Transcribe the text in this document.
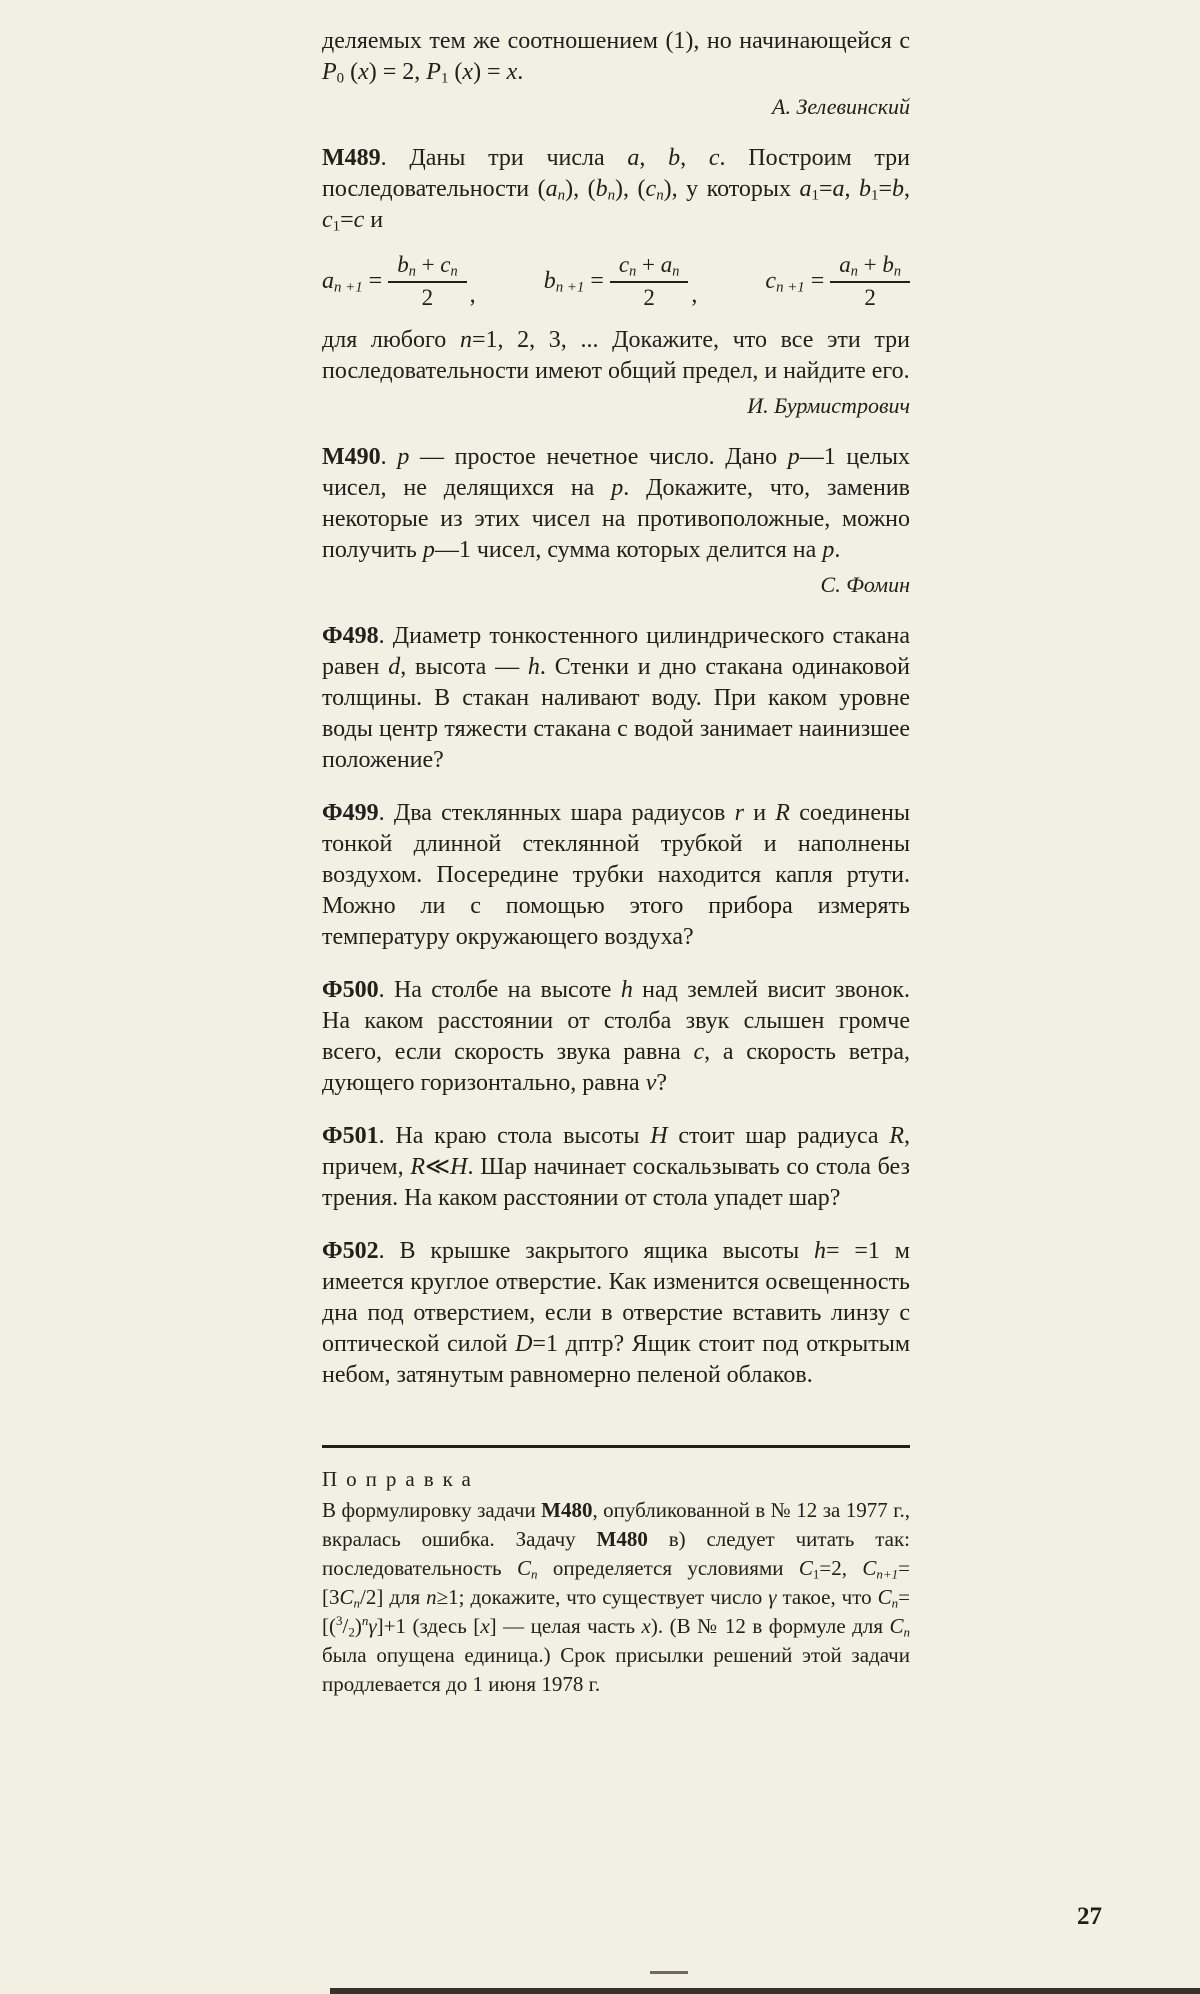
деляемых тем же соотношением (1), но начинающейся с $P_0$ (x) = 2, $P_1$ (x) = x.

А. Зелевинский

М489. Даны три числа a, b, c. Построим три последовательности $(a_n)$, $(b_n)$, $(c_n)$, у которых $a_1=a$, $b_1=b$, $c_1=c$ и

$a_{n +1} = \frac{b_n + c_n}{2}$ ,
$b_{n +1} = \frac{c_n + a_n}{2}$ ,
$c_{n +1} = \frac{a_n + b_n}{2}$

для любого n=1, 2, 3, ... Докажите, что все эти три последовательности имеют общий предел, и найдите его.

И. Бурмистрович

М490. p — простое нечетное число. Дано p—1 целых чисел, не делящихся на p. Докажите, что, заменив некоторые из этих чисел на противоположные, можно получить p—1 чисел, сумма которых делится на p.

С. Фомин

Ф498. Диаметр тонкостенного цилиндрического стакана равен d, высота — h. Стенки и дно стакана одинаковой толщины. В стакан наливают воду. При каком уровне воды центр тяжести стакана с водой занимает наинизшее положение?

Ф499. Два стеклянных шара радиусов r и R соединены тонкой длинной стеклянной трубкой и наполнены воздухом. Посередине трубки находится капля ртути. Можно ли с помощью этого прибора измерять температуру окружающего воздуха?

Ф500. На столбе на высоте h над землей висит звонок. На каком расстоянии от столба звук слышен громче всего, если скорость звука равна c, а скорость ветра, дующего горизонтально, равна v?

Ф501. На краю стола высоты H стоит шар радиуса R, причем, R≪H. Шар начинает соскальзывать со стола без трения. На каком расстоянии от стола упадет шар?

Ф502. В крышке закрытого ящика высоты h= =1 м имеется круглое отверстие. Как изменится освещенность дна под отверстием, если в отверстие вставить линзу с оптической силой D=1 дптр? Ящик стоит под открытым небом, затянутым равномерно пеленой облаков.

Поправка

В формулировку задачи М480, опубликованной в № 12 за 1977 г., вкралась ошибка. Задачу М480 в) следует читать так: последовательность $C_n$ определяется условиями $C_1=2$, $C_{n+1}=[3C_n/2]$ для n≥1; докажите, что существует число γ такое, что $C_n=[(^3/_2)^n\gamma]+1$ (здесь [x] — целая часть x). (В № 12 в формуле для $C_n$ была опущена единица.) Срок присылки решений этой задачи продлевается до 1 июня 1978 г.

27
